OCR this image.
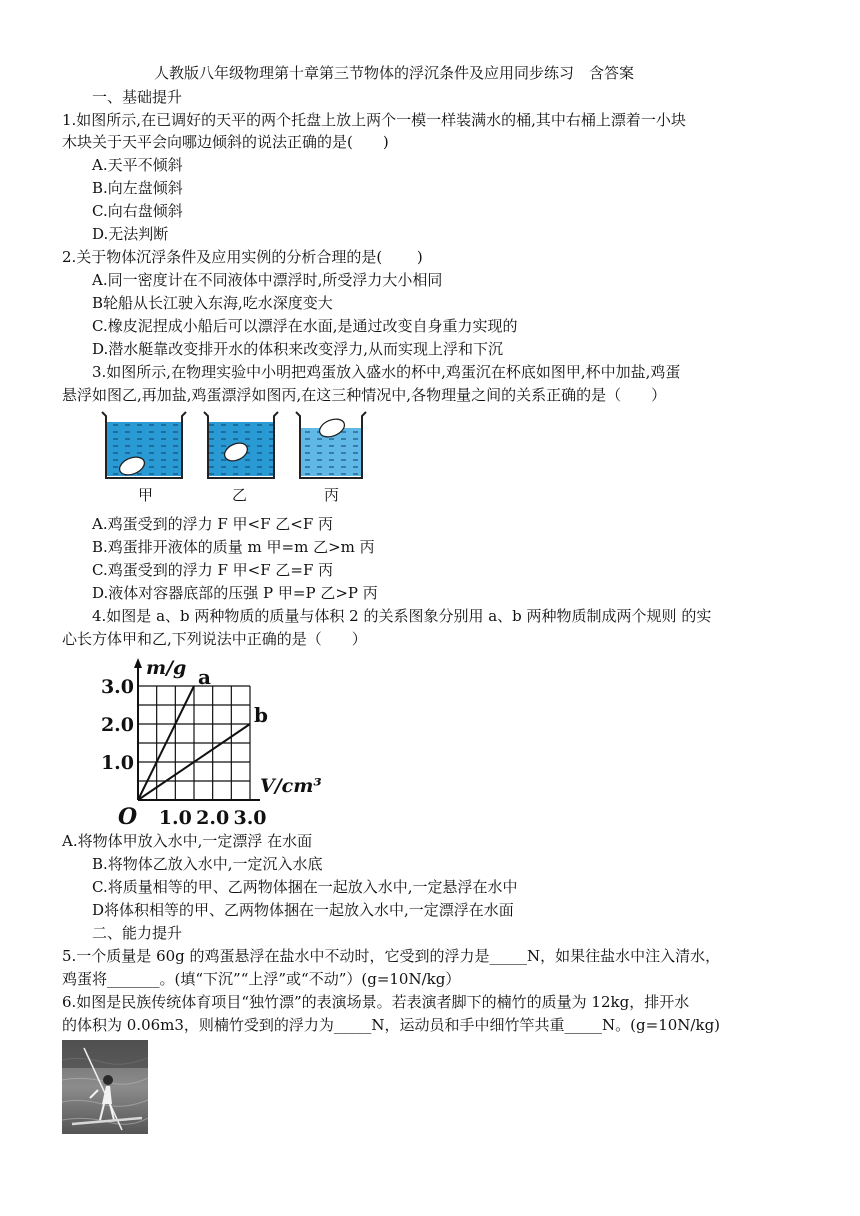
人教版八年级物理第十章第三节物体的浮沉条件及应用同步练习　含答案
一、基础提升
1.如图所示,在已调好的天平的两个托盘上放上两个一模一样装满水的桶,其中右桶上漂着一小块
木块关于天平会向哪边倾斜的说法正确的是(　　)
A.天平不倾斜
B.向左盘倾斜
C.向右盘倾斜
D.无法判断
2.关于物体沉浮条件及应用实例的分析合理的是(　　 )
A.同一密度计在不同液体中漂浮时,所受浮力大小相同
B轮船从长江驶入东海,吃水深度变大
C.橡皮泥捏成小船后可以漂浮在水面,是通过改变自身重力实现的
D.潜水艇靠改变排开水的体积来改变浮力,从而实现上浮和下沉
3.如图所示,在物理实验中小明把鸡蛋放入盛水的杯中,鸡蛋沉在杯底如图甲,杯中加盐,鸡蛋
悬浮如图乙,再加盐,鸡蛋漂浮如图丙,在这三种情况中,各物理量之间的关系正确的是（　　）
甲	乙	丙
A.鸡蛋受到的浮力 F 甲<F 乙<F 丙
B.鸡蛋排开液体的质量 m 甲=m 乙>m 丙
C.鸡蛋受到的浮力 F 甲<F 乙=F 丙
D.液体对容器底部的压强 P 甲=P 乙>P 丙
4.如图是 a、b 两种物质的质量与体积 2 的关系图象分别用 a、b 两种物质制成两个规则 的实
心长方体甲和乙,下列说法中正确的是（　　）
a
b
1.0 2.0 3.0
1.0
2.0
3.0
O
m/g
V/cm³
A.将物体甲放入水中,一定漂浮 在水面
B.将物体乙放入水中,一定沉入水底
C.将质量相等的甲、乙两物体捆在一起放入水中,一定悬浮在水中
D将体积相等的甲、乙两物体捆在一起放入水中,一定漂浮在水面
二、能力提升
5.一个质量是 60g 的鸡蛋悬浮在盐水中不动时，它受到的浮力是_____N，如果往盐水中注入清水，
鸡蛋将_______。(填“下沉”“上浮”或“不动”）(g=10N/kg）
6.如图是民族传统体育项目“独竹漂”的表演场景。若表演者脚下的楠竹的质量为 12kg，排开水
的体积为 0.06m3，则楠竹受到的浮力为_____N，运动员和手中细竹竿共重_____N。(g=10N/kg)
